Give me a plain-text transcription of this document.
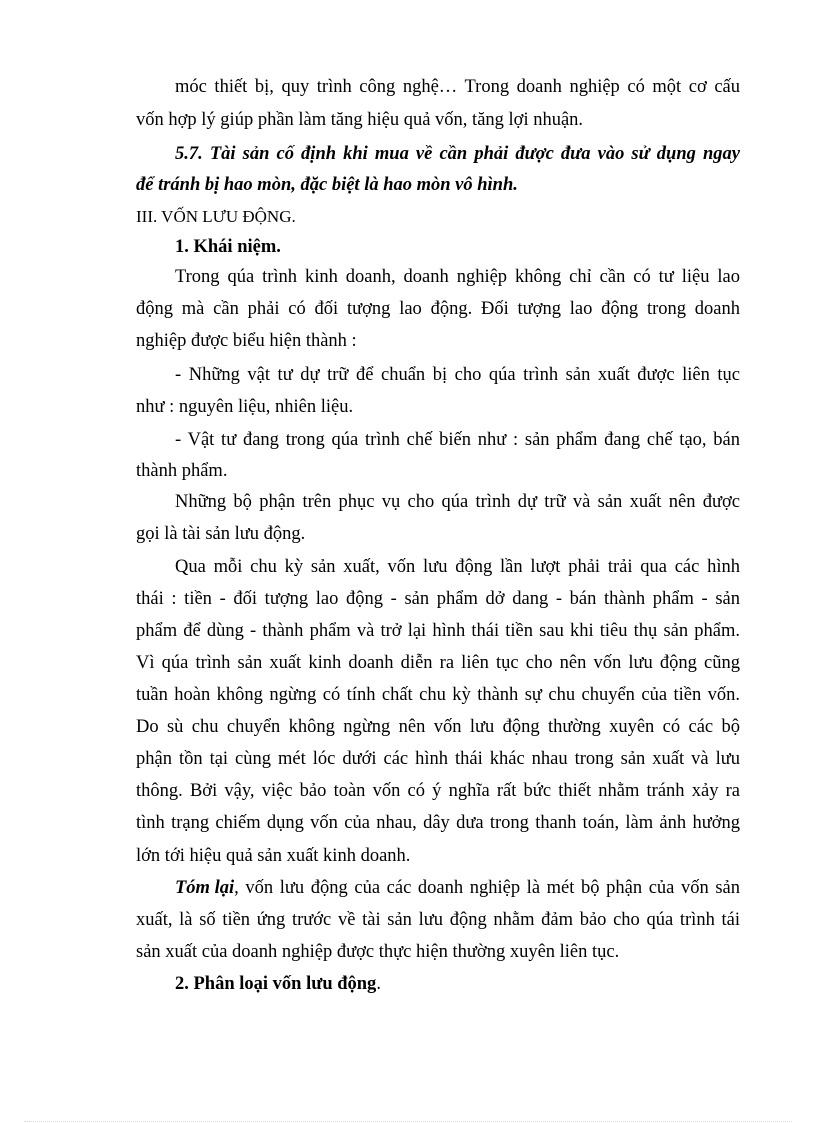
móc thiết bị, quy trình công nghệ… Trong doanh nghiệp có một cơ cấu
vốn hợp lý giúp phần làm tăng hiệu quả vốn, tăng lợi nhuận.
5.7. Tài sản cố định khi mua về cần phải được đưa vào sử dụng ngay
để tránh bị hao mòn, đặc biệt là hao mòn vô hình.
III. VỐN LƯU ĐỘNG.
1. Khái niệm.
Trong qúa trình kinh doanh, doanh nghiệp không chỉ cần có tư liệu lao
động mà cần phải có đối tượng lao động. Đối tượng lao động trong doanh
nghiệp được biểu hiện thành :
- Những vật tư dự trữ để chuẩn bị cho qúa trình sản xuất được liên tục
như : nguyên liệu, nhiên liệu.
- Vật tư đang trong qúa trình chế biến như : sản phẩm đang chế tạo, bán
thành phẩm.
Những bộ phận trên phục vụ cho qúa trình dự trữ và sản xuất nên được
gọi là tài sản lưu động.
Qua mỗi chu kỳ sản xuất, vốn lưu động lần lượt phải trải qua các hình
thái : tiền - đối tượng lao động - sản phẩm dở dang - bán thành phẩm - sản
phẩm để dùng - thành phẩm và trở lại hình thái tiền sau khi tiêu thụ sản phẩm.
Vì qúa trình sản xuất kinh doanh diễn ra liên tục cho nên vốn lưu động cũng
tuần hoàn không ngừng có tính chất chu kỳ thành sự chu chuyển của tiền vốn.
Do sù chu chuyển không ngừng nên vốn lưu động thường xuyên có các bộ
phận tồn tại cùng mét lóc dưới các hình thái khác nhau trong sản xuất và lưu
thông. Bởi vậy, việc bảo toàn vốn có ý nghĩa rất bức thiết nhằm tránh xảy ra
tình trạng chiếm dụng vốn của nhau, dây dưa trong thanh toán, làm ảnh hưởng
lớn tới hiệu quả sản xuất kinh doanh.
Tóm lại , vốn lưu động của các doanh nghiệp là mét bộ phận của vốn sản
xuất, là số tiền ứng trước về tài sản lưu động nhằm đảm bảo cho qúa trình tái
sản xuất của doanh nghiệp được thực hiện thường xuyên liên tục.
2. Phân loại vốn lưu động.
